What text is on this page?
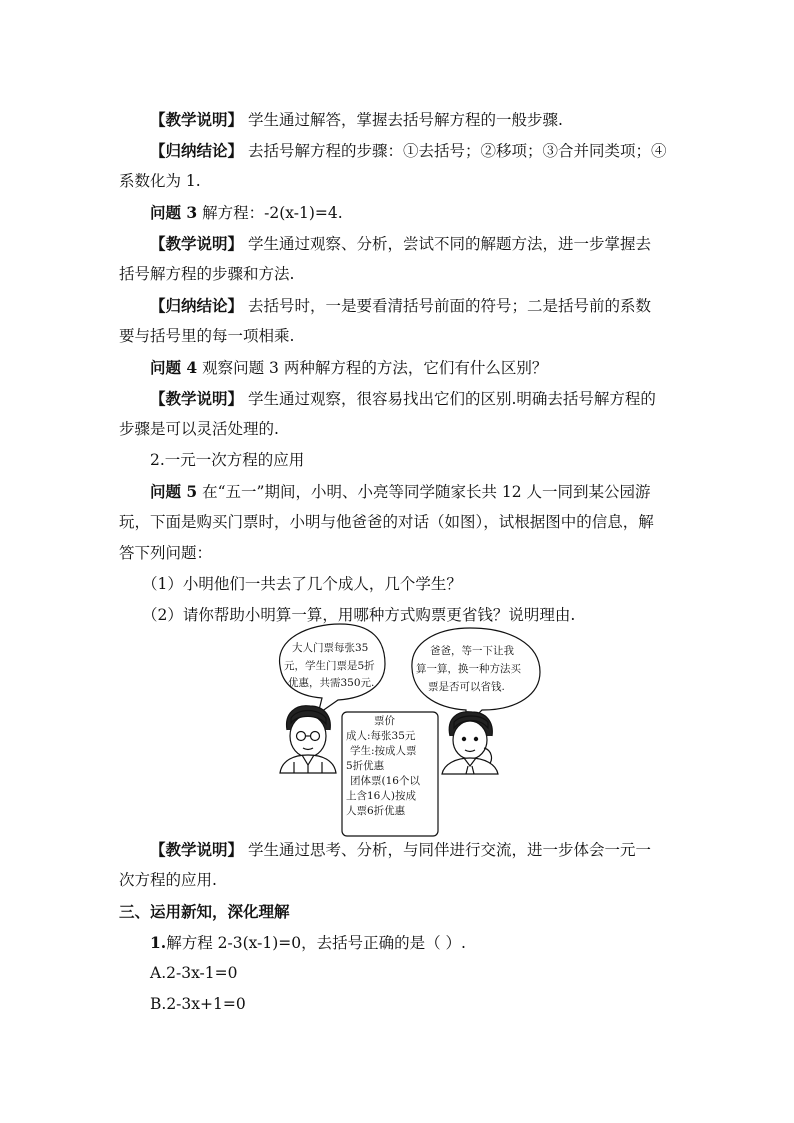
【教学说明】 学生通过解答，掌握去括号解方程的一般步骤.
【归纳结论】 去括号解方程的步骤：①去括号；②移项；③合并同类项；④
系数化为 1.
问题 3 解方程：-2(x-1)=4.
【教学说明】 学生通过观察、分析，尝试不同的解题方法，进一步掌握去
括号解方程的步骤和方法.
【归纳结论】 去括号时，一是要看清括号前面的符号；二是括号前的系数
要与括号里的每一项相乘.
问题 4 观察问题 3 两种解方程的方法，它们有什么区别？
【教学说明】 学生通过观察，很容易找出它们的区别.明确去括号解方程的
步骤是可以灵活处理的.
2.一元一次方程的应用
问题 5 在“五一”期间，小明、小亮等同学随家长共 12 人一同到某公园游
玩，下面是购买门票时，小明与他爸爸的对话（如图），试根据图中的信息，解
答下列问题：
（1）小明他们一共去了几个成人，几个学生？
（2）请你帮助小明算一算，用哪种方式购票更省钱？说明理由.
大人门票每张35
元，学生门票是5折
优惠，共需350元.
爸爸，等一下让我
算一算，换一种方法买
票是否可以省钱.
票价
成人:每张35元
学生:按成人票
5折优惠
团体票(16个以
上含16人)按成
人票6折优惠
【教学说明】 学生通过思考、分析，与同伴进行交流，进一步体会一元一
次方程的应用.
三、运用新知，深化理解
1.解方程 2-3(x-1)=0，去括号正确的是（ ）.
A.2-3x-1=0
B.2-3x+1=0
